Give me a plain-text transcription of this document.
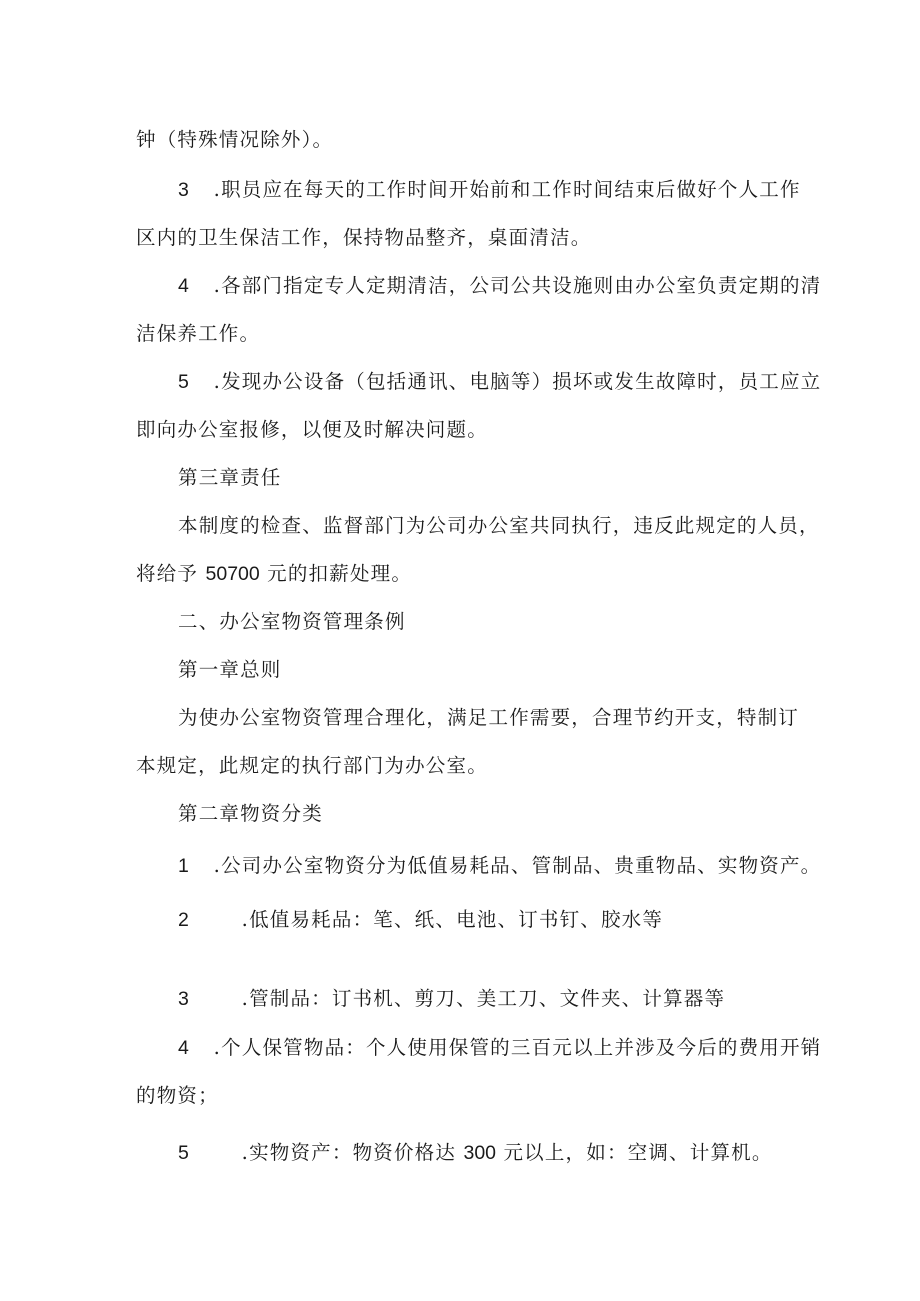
钟（特殊情况除外）。
3 .职员应在每天的工作时间开始前和工作时间结束后做好个人工作
区内的卫生保洁工作，保持物品整齐，桌面清洁。
4 .各部门指定专人定期清洁，公司公共设施则由办公室负责定期的清
洁保养工作。
5 .发现办公设备（包括通讯、电脑等）损坏或发生故障时，员工应立
即向办公室报修，以便及时解决问题。
第三章责任
本制度的检查、监督部门为公司办公室共同执行，违反此规定的人员，
将给予 50700 元的扣薪处理。
二、办公室物资管理条例
第一章总则
为使办公室物资管理合理化，满足工作需要，合理节约开支，特制订
本规定，此规定的执行部门为办公室。
第二章物资分类
1 .公司办公室物资分为低值易耗品、管制品、贵重物品、实物资产。
2	.低值易耗品：笔、纸、电池、订书钉、胶水等
3	.管制品：订书机、剪刀、美工刀、文件夹、计算器等
4 .个人保管物品：个人使用保管的三百元以上并涉及今后的费用开销
的物资；
5	.实物资产：物资价格达 300 元以上，如：空调、计算机。
